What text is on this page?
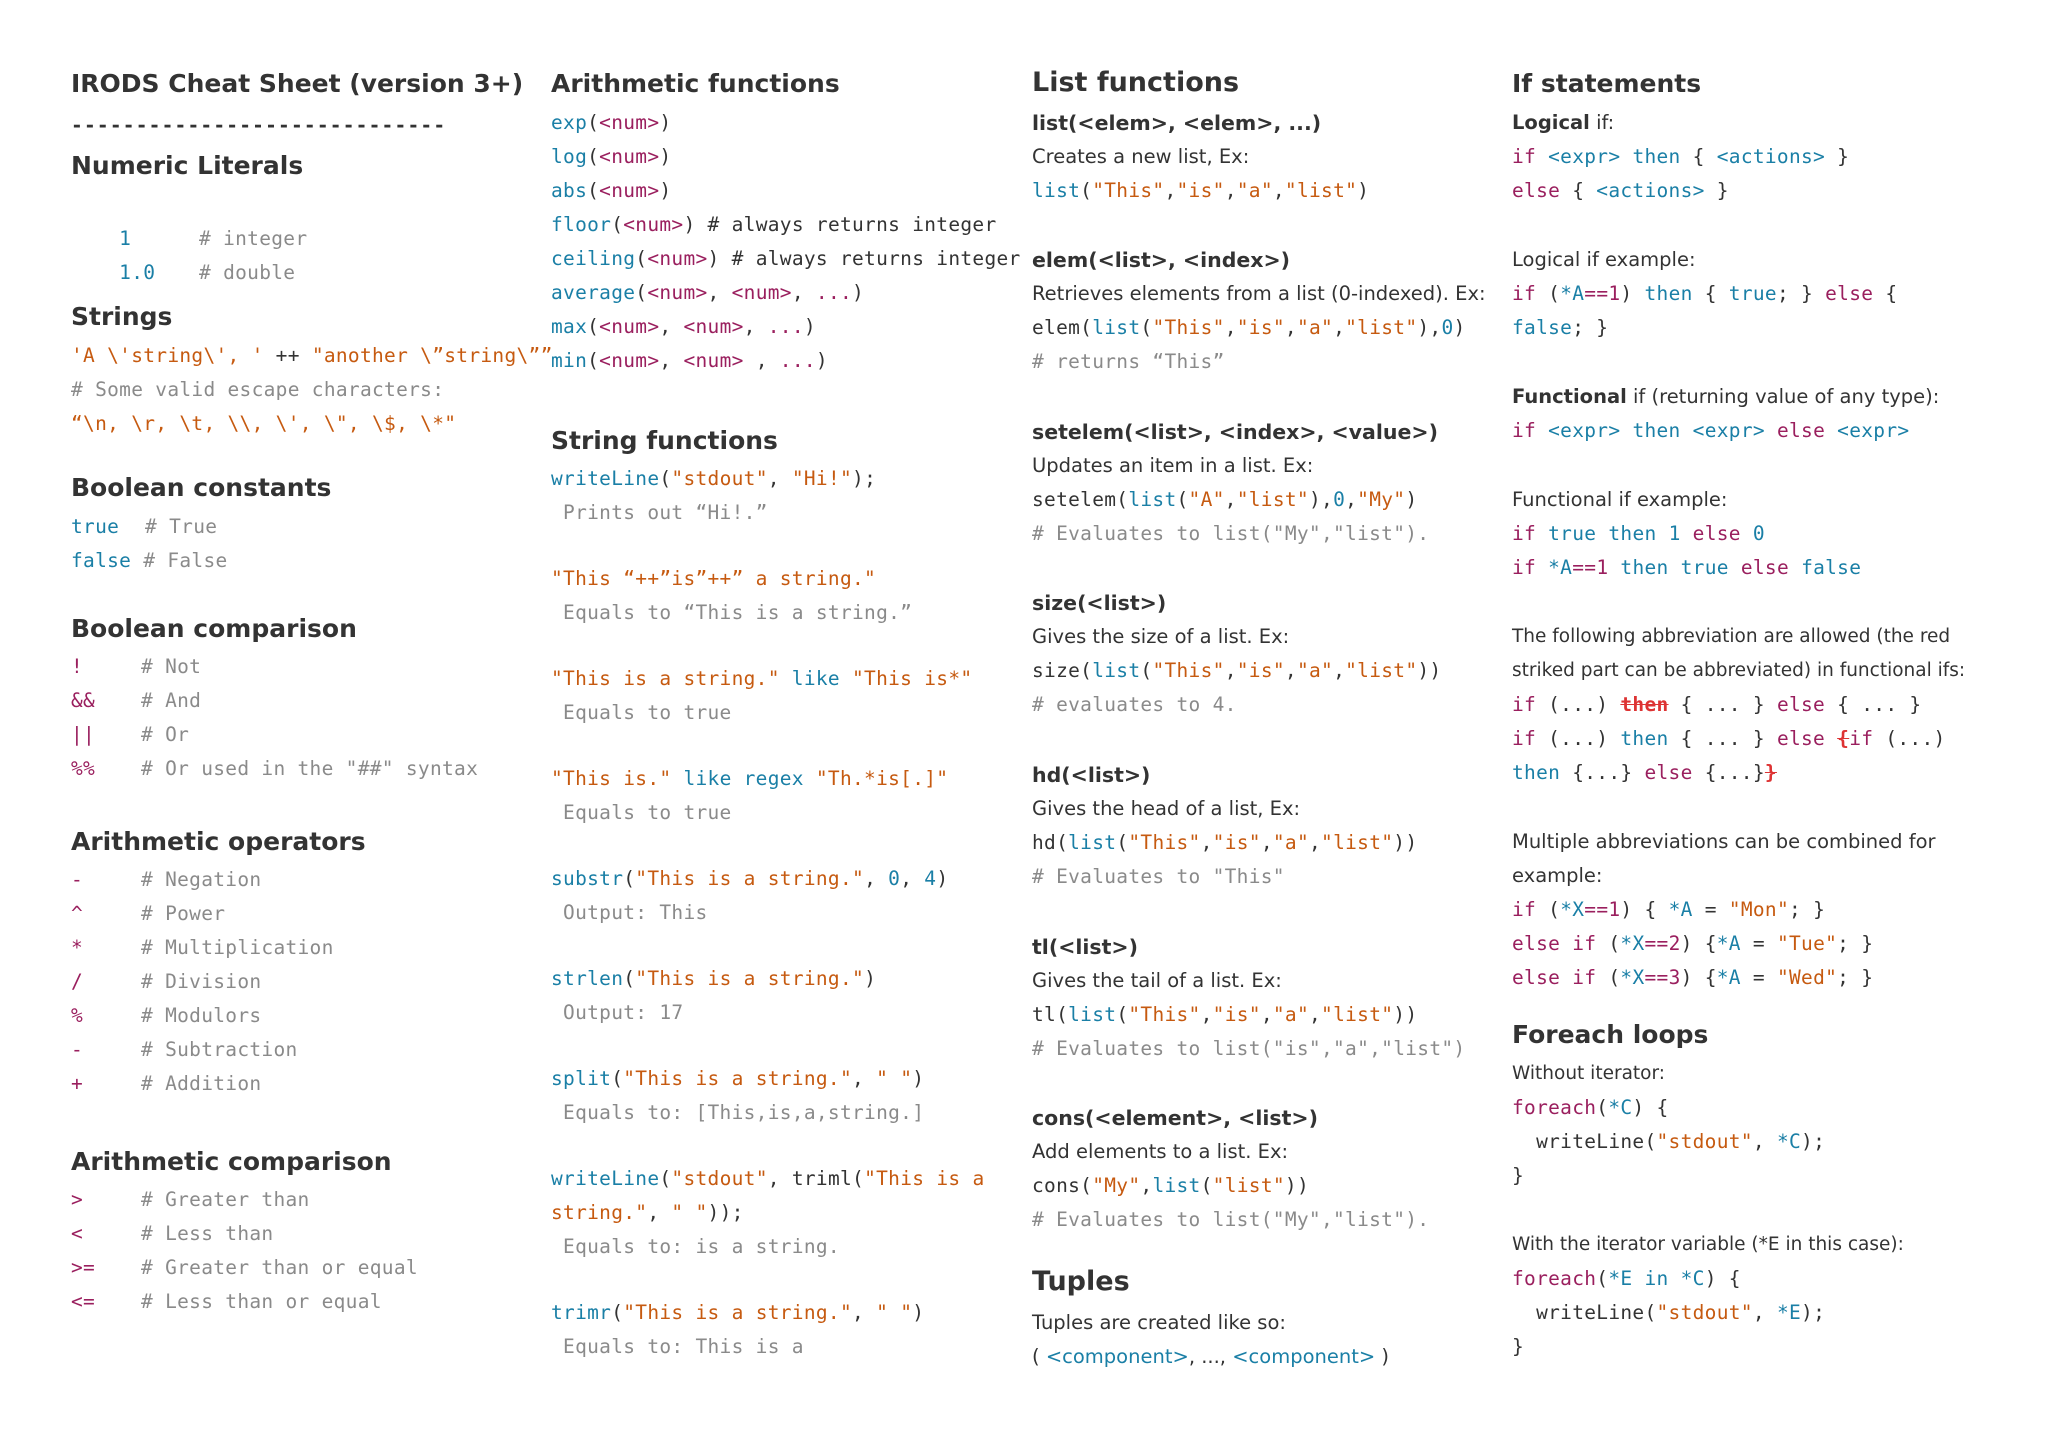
IRODS Cheat Sheet (version 3+)
-----------------------------
Numeric Literals

1	# integer

1.0 # double

Strings
'A \'string\', ' ++ "another \”string\””
# Some valid escape characters:
“\n, \r, \t, \\, \', \", \$, \*"
Boolean constants
true # True
false # False
Boolean comparison
!	# Not
&& # And
|| # Or
%% # Or used in the "##" syntax
Arithmetic operators
-	# Negation
^	# Power
*	# Multiplication
/	# Division
%	# Modulors
-	# Subtraction
+	# Addition
Arithmetic comparison
>	# Greater than
<	# Less than
>= # Greater than or equal
<= # Less than or equal
Arithmetic functions
exp(<num>)
log(<num>)
abs(<num>)
floor(<num>) # always returns integer
ceiling(<num>) # always returns integer
average(<num>, <num>, ...)
max(<num>, <num>, ...)
min(<num>, <num> , ...)
String functions
writeLine("stdout", "Hi!");
Prints out “Hi!.”
"This “++”is”++” a string."
Equals to “This is a string.”
"This is a string." like "This is*"
Equals to true
"This is." like regex "Th.*is[.]"
Equals to true
substr("This is a string.", 0, 4)
Output: This
strlen("This is a string.")
Output: 17
split("This is a string.", " ")
Equals to: [This,is,a,string.]
writeLine("stdout", triml("This is a
string.", " "));
Equals to: is a string.
trimr("This is a string.", " ")
Equals to: This is a
List functions
list(<elem>, <elem>, ...)
Creates a new list, Ex:
list("This","is","a","list")
elem(<list>, <index>)
Retrieves elements from a list (0-indexed). Ex:
elem(list("This","is","a","list"),0)
# returns “This”
setelem(<list>, <index>, <value>)
Updates an item in a list. Ex:
setelem(list("A","list"),0,"My")
# Evaluates to list("My","list").
size(<list>)
Gives the size of a list. Ex:
size(list("This","is","a","list"))
# evaluates to 4.
hd(<list>)
Gives the head of a list, Ex:
hd(list("This","is","a","list"))
# Evaluates to "This"
tl(<list>)
Gives the tail of a list. Ex:
tl(list("This","is","a","list"))
# Evaluates to list("is","a","list")
cons(<element>, <list>)
Add elements to a list. Ex:
cons("My",list("list"))
# Evaluates to list("My","list").
Tuples
Tuples are created like so:
( <component>, ..., <component> )
If statements
Logical if:
if <expr> then { <actions> }
else { <actions> }
Logical if example:
if (*A==1) then { true; } else {
false; }
Functional if (returning value of any type):
if <expr> then <expr> else <expr>
Functional if example:
if true then 1 else 0
if *A==1 then true else false
The following abbreviation are allowed (the red
striked part can be abbreviated) in functional ifs:
if (...) then { ... } else { ... }
if (...) then { ... } else {if (...)
then {...} else {...}}
Multiple abbreviations can be combined for
example:
if (*X==1) { *A = "Mon"; }
else if (*X==2) {*A = "Tue"; }
else if (*X==3) {*A = "Wed"; }
Foreach loops
Without iterator:
foreach(*C) {
writeLine("stdout", *C);
}
With the iterator variable (*E in this case):
foreach(*E in *C) {
writeLine("stdout", *E);
}
